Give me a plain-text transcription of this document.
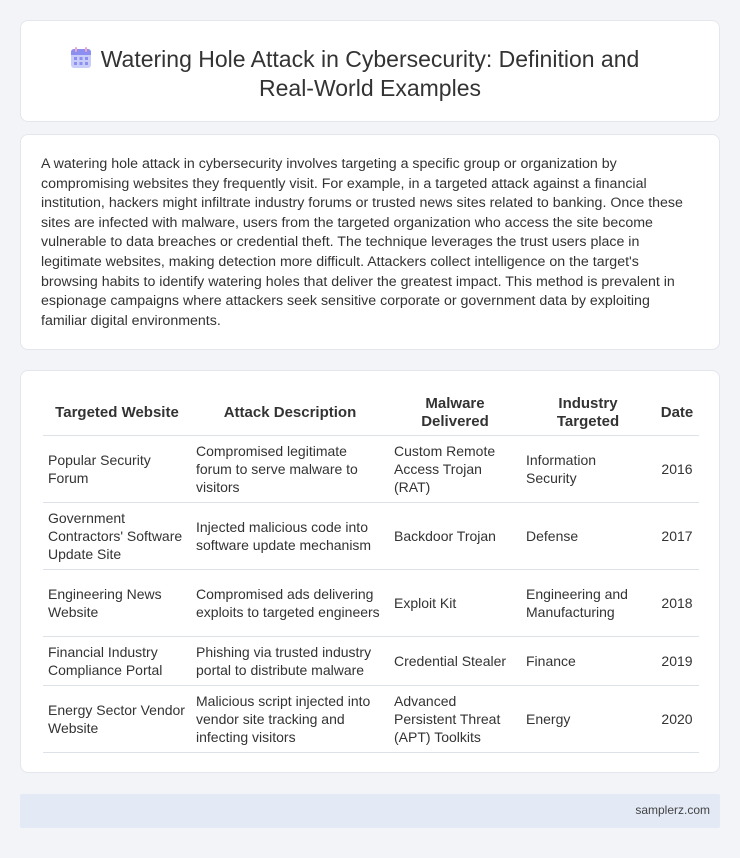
Watering Hole Attack in Cybersecurity: Definition and Real-World Examples

A watering hole attack in cybersecurity involves targeting a specific group or organization by compromising websites they frequently visit. For example, in a targeted attack against a financial institution, hackers might infiltrate industry forums or trusted news sites related to banking. Once these sites are infected with malware, users from the targeted organization who access the site become vulnerable to data breaches or credential theft. The technique leverages the trust users place in legitimate websites, making detection more difficult. Attackers collect intelligence on the target's browsing habits to identify watering holes that deliver the greatest impact. This method is prevalent in espionage campaigns where attackers seek sensitive corporate or government data by exploiting familiar digital environments.

Targeted Website	Attack Description	Malware Delivered	Industry Targeted	Date
Popular Security Forum	Compromised legitimate forum to serve malware to visitors	Custom Remote Access Trojan (RAT)	Information Security	2016
Government Contractors' Software Update Site	Injected malicious code into software update mechanism	Backdoor Trojan	Defense	2017
Engineering News Website	Compromised ads delivering exploits to targeted engineers	Exploit Kit	Engineering and Manufacturing	2018
Financial Industry Compliance Portal	Phishing via trusted industry portal to distribute malware	Credential Stealer	Finance	2019
Energy Sector Vendor Website	Malicious script injected into vendor site tracking and infecting visitors	Advanced Persistent Threat (APT) Toolkits	Energy	2020
samplerz.com
